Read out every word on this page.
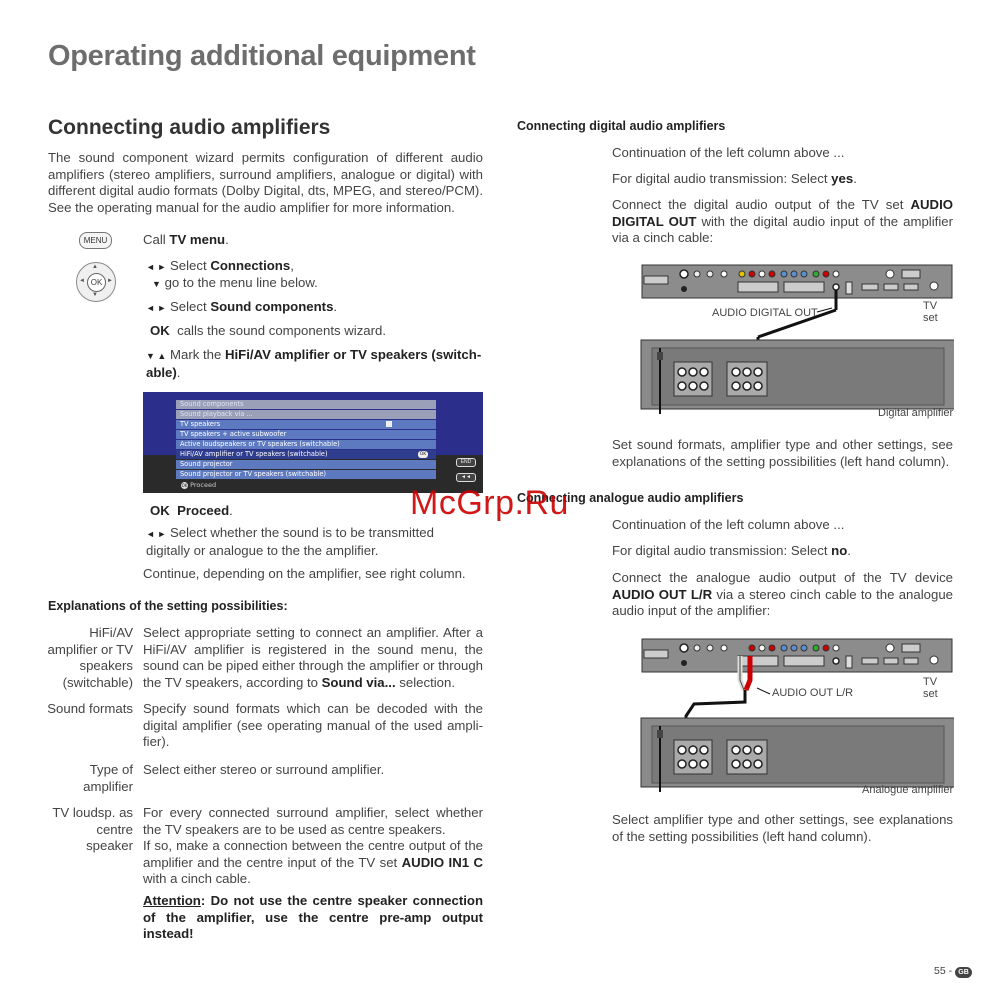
Operating additional equipment
Connecting audio amplifiers
The sound component wizard permits configuration of different audio amplifiers (stereo amplifiers, surround amplifiers, analogue or digital) with different digital audio formats (Dolby Digital, dts, MPEG, and stereo/PCM). See the operating manual for the audio amplifier for more information.
MENU	Call TV menu.
OK
▲
▼
◄	►
◄ ► Select Connections,
▼ go to the menu line below.
◄ ► Select Sound components.
OK calls the sound components wizard.
▼ ▲ Mark the HiFi/AV amplifier or TV speakers (switch-able).
Sound components
Sound playback via ...
TV speakers
TV speakers + active subwoofer
Active loudspeakers or TV speakers (switchable)
HiFi/AV amplifier or TV speakers (switchable)	OK
Sound projector
Sound projector or TV speakers (switchable)
OK Proceed
END
◄◄
OK Proceed.
◄ ► Select whether the sound is to be transmitted digitally or analogue to the the amplifier.
Continue, depending on the amplifier, see right column.
Explanations of the setting possibilities:
HiFi/AV amplifier or TV speakers (switchable)
Select appropriate setting to connect an amplifier. After a HiFi/AV amplifier is registered in the sound menu, the sound can be piped either through the amplifier or through the TV speakers, according to Sound via... selection.
Sound formats Specify sound formats which can be decoded with the digital amplifier (see operating manual of the used ampli-fier).
Type of amplifier
Select either stereo or surround amplifier.
TV loudsp. as centre speaker
For every connected surround amplifier, select whether the TV speakers are to be used as centre speakers.
If so, make a connection between the centre output of the amplifier and the centre input of the TV set AUDIO IN1 C with a cinch cable.
Attention: Do not use the centre speaker connection of the amplifier, use the centre pre-amp output instead!
Connecting digital audio amplifiers
Continuation of the left column above ...
For digital audio transmission: Select yes.
Connect the digital audio output of the TV set AUDIO DIGITAL OUT with the digital audio input of the amplifier via a cinch cable:
AUDIO DIGITAL OUT
TV set
Digital amplifier
Set sound formats, amplifier type and other settings, see explanations of the setting possibilities (left hand column).
Connecting analogue audio amplifiers
Continuation of the left column above ...
For digital audio transmission: Select no.
Connect the analogue audio output of the TV device AUDIO OUT L/R via a stereo cinch cable to the analogue audio input of the amplifier:
AUDIO OUT L/R
TV set
Analogue amplifier
Select amplifier type and other settings, see explanations of the setting possibilities (left hand column).
55 - GB
McGrp.Ru
